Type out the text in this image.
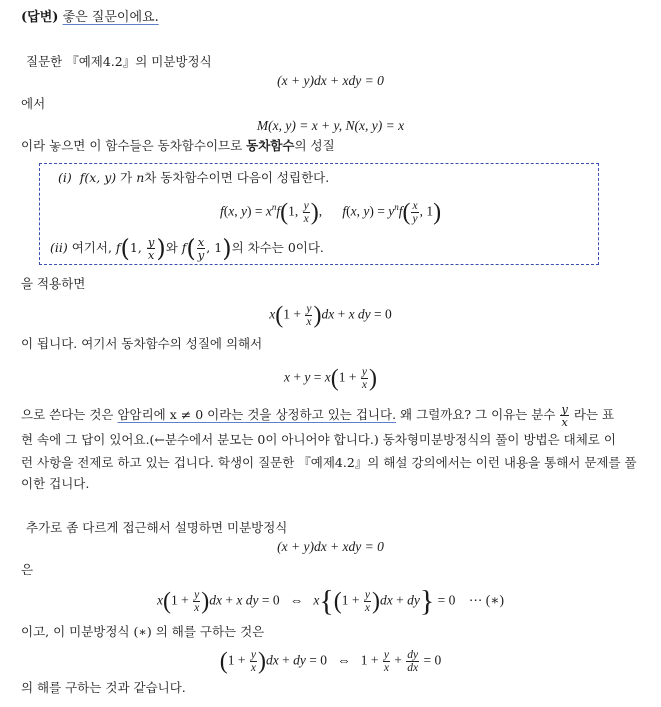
(답변) 좋은 질문이에요.
질문한 『예제4.2』의 미분방정식
(x + y)dx + xdy = 0
에서
M(x, y) = x + y, N(x, y) = x
이라 놓으면 이 함수들은 동차함수이므로 동차함수의 성질
(i) f(x, y) 가 n차 동차함수이면 다음이 성립한다.
f(x, $y) = x^nf(1$, $\frac{y}{x}$ ),      f(x, $y) = y^nf( \frac{x}{y}$ , 1)
(ii) 여기서, f(1, $\frac{y}{x}$ )와 $f( \frac{x}{y}$ , 1)의 차수는 0이다.
을 적용하면
$x(1 + \frac{y}{x} )dx + x$ dy = 0
이 됩니다. 여기서 동차함수의 성질에 의해서
$x + y = x(1 + \frac{y}{x}$ )
으로 쓴다는 것은 암암리에 x ≠ 0 이라는 것을 상정하고 있는 겁니다. 왜 그럴까요? 그 이유는 분수 $\frac{y}{x}$ 라는 표
현 속에 그 답이 있어요.(←분수에서 분모는 0이 아니어야 합니다.) 동차형미분방정식의 풀이 방법은 대체로 이
런 사항을 전제로 하고 있는 겁니다. 학생이 질문한 『예제4.2』의 해설 강의에서는 이런 내용을 통해서 문제를 풀
이한 겁니다.
추가로 좀 다르게 접근해서 설명하면 미분방정식
(x + y)dx + xdy = 0
은
$x(1 + \frac{y}{x} )dx + x$ dy = 0   ⇔   $x\{(1 + \frac{y}{x} )dx + dy\} = 0$    ⋯ (∗)
이고, 이 미분방정식 (∗) 의 해를 구하는 것은
$(1 + \frac{y}{x} )dx$ + dy = 0   ⇔   $1 + \frac{y}{x} + \frac{dy}{dx} = 0$
의 해를 구하는 것과 같습니다.
